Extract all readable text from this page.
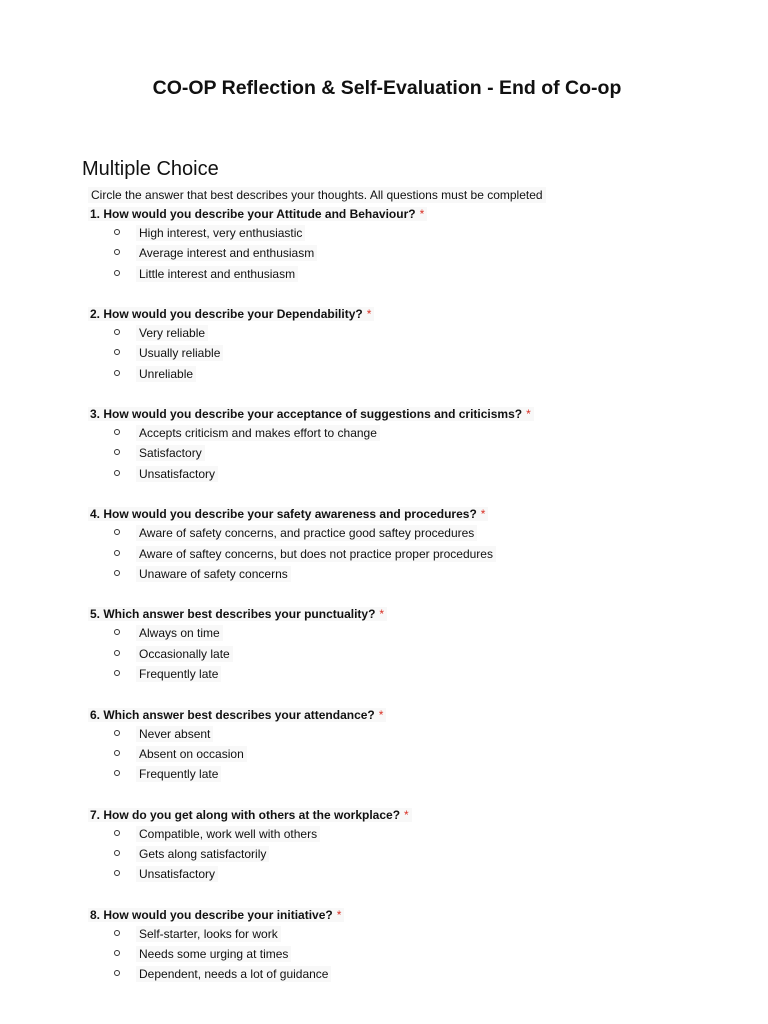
CO-OP Reflection & Self-Evaluation - End of Co-op
Multiple Choice
Circle the answer that best describes your thoughts. All questions must be completed
1. How would you describe your Attitude and Behaviour? *
High interest, very enthusiastic
Average interest and enthusiasm
Little interest and enthusiasm
2. How would you describe your Dependability? *
Very reliable
Usually reliable
Unreliable
3. How would you describe your acceptance of suggestions and criticisms? *
Accepts criticism and makes effort to change
Satisfactory
Unsatisfactory
4. How would you describe your safety awareness and procedures? *
Aware of safety concerns, and practice good saftey procedures
Aware of saftey concerns, but does not practice proper procedures
Unaware of safety concerns
5. Which answer best describes your punctuality? *
Always on time
Occasionally late
Frequently late
6. Which answer best describes your attendance? *
Never absent
Absent on occasion
Frequently late
7. How do you get along with others at the workplace? *
Compatible, work well with others
Gets along satisfactorily
Unsatisfactory
8. How would you describe your initiative? *
Self-starter, looks for work
Needs some urging at times
Dependent, needs a lot of guidance
